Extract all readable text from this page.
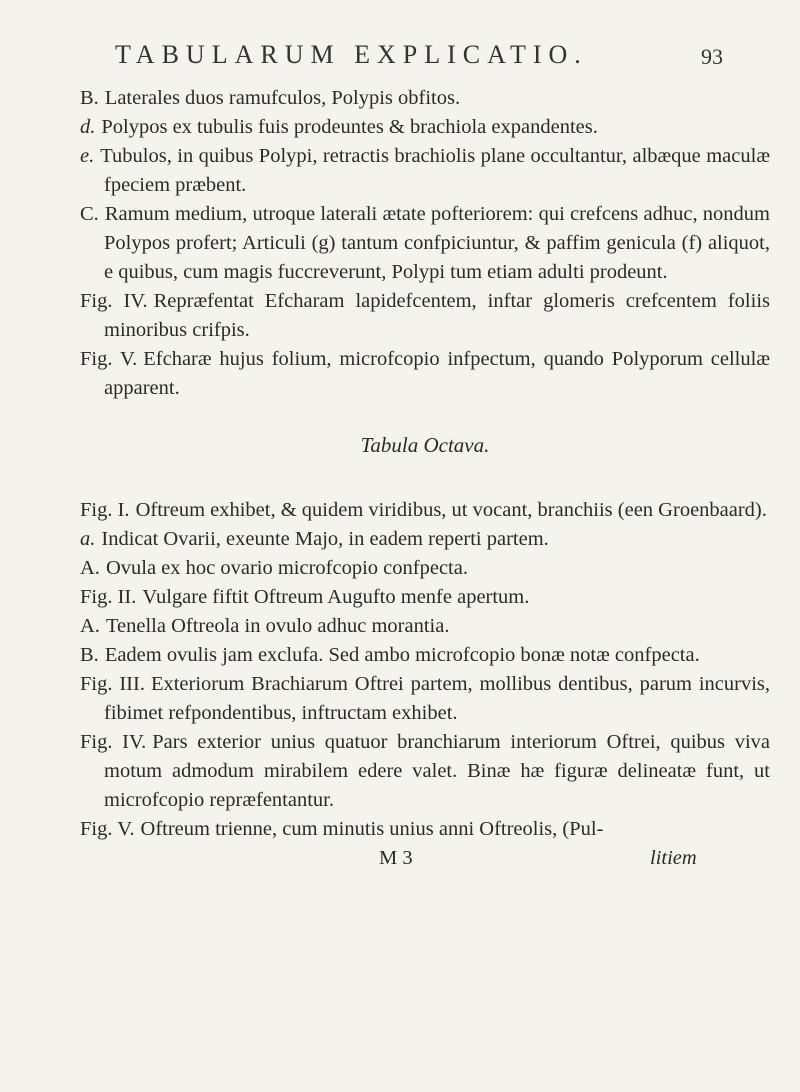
TABULARUM EXPLICATIO.	93

B. Laterales duos ramufculos, Polypis obfitos.

d. Polypos ex tubulis fuis prodeuntes & brachiola expandentes.

e. Tubulos, in quibus Polypi, retractis brachiolis plane occultantur, albæque maculæ fpeciem præbent.

C. Ramum medium, utroque laterali ætate pofteriorem: qui crefcens adhuc, nondum Polypos profert; Articuli (g) tantum confpiciuntur, & paffim genicula (f) aliquot, e quibus, cum magis fuccreverunt, Polypi tum etiam adulti prodeunt.

Fig. IV. Repræfentat Efcharam lapidefcentem, inftar glomeris crefcentem foliis minoribus crifpis.

Fig. V. Efcharæ hujus folium, microfcopio infpectum, quando Polyporum cellulæ apparent.

Tabula Octava.

Fig. I. Oftreum exhibet, & quidem viridibus, ut vocant, branchiis (een Groenbaard).

a. Indicat Ovarii, exeunte Majo, in eadem reperti partem.

A. Ovula ex hoc ovario microfcopio confpecta.

Fig. II. Vulgare fiftit Oftreum Augufto menfe apertum.

A. Tenella Oftreola in ovulo adhuc morantia.

B. Eadem ovulis jam exclufa. Sed ambo microfcopio bonæ notæ confpecta.

Fig. III. Exteriorum Brachiarum Oftrei partem, mollibus dentibus, parum incurvis, fibimet refpondentibus, inftructam exhibet.

Fig. IV. Pars exterior unius quatuor branchiarum interiorum Oftrei, quibus viva motum admodum mirabilem edere valet. Binæ hæ figuræ delineatæ funt, ut microfcopio repræfentantur.

Fig. V. Oftreum trienne, cum minutis unius anni Oftreolis, (Pul-

M 3	litiem
